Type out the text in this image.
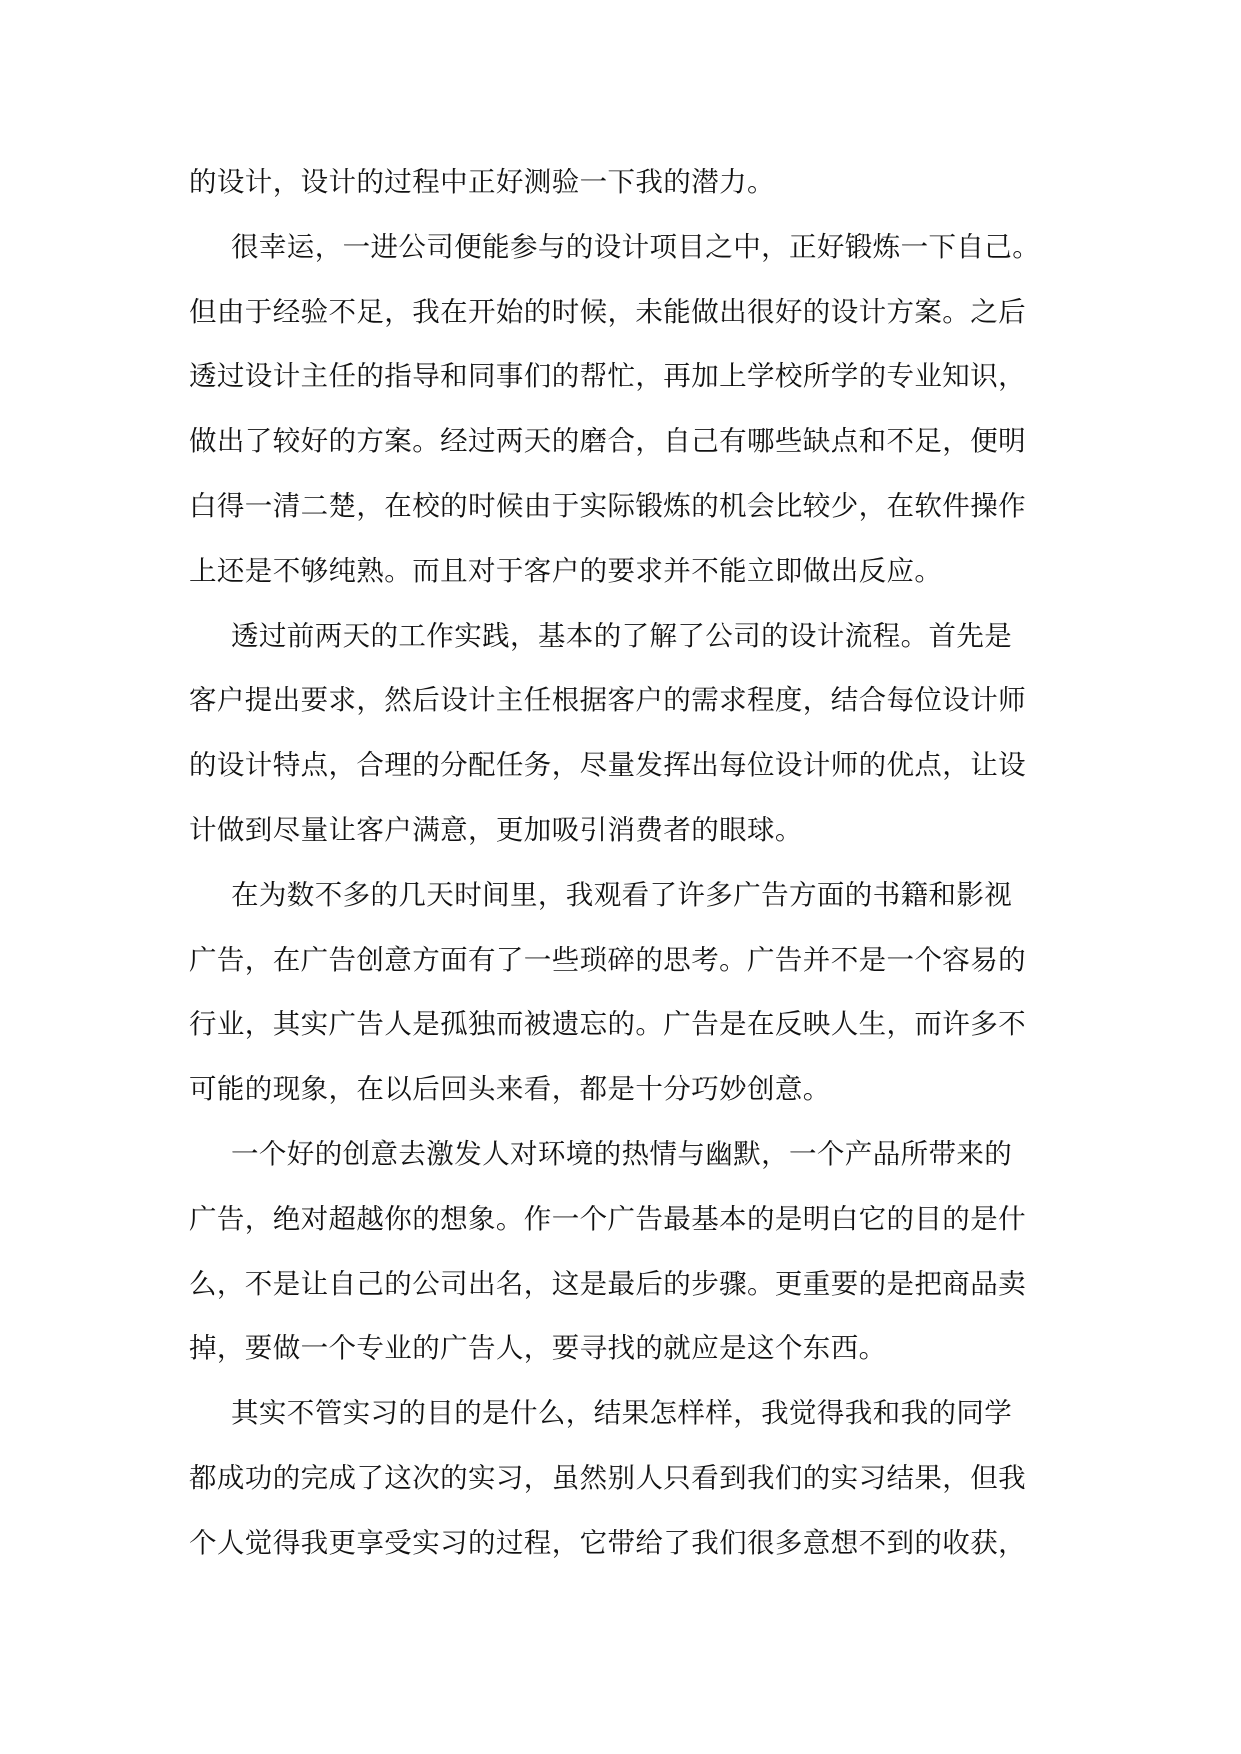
的设计，设计的过程中正好测验一下我的潜力。
很幸运，一进公司便能参与的设计项目之中，正好锻炼一下自己。
但由于经验不足，我在开始的时候，未能做出很好的设计方案。之后
透过设计主任的指导和同事们的帮忙，再加上学校所学的专业知识，
做出了较好的方案。经过两天的磨合，自己有哪些缺点和不足，便明
白得一清二楚，在校的时候由于实际锻炼的机会比较少，在软件操作
上还是不够纯熟。而且对于客户的要求并不能立即做出反应。
透过前两天的工作实践，基本的了解了公司的设计流程。首先是
客户提出要求，然后设计主任根据客户的需求程度，结合每位设计师
的设计特点，合理的分配任务，尽量发挥出每位设计师的优点，让设
计做到尽量让客户满意，更加吸引消费者的眼球。
在为数不多的几天时间里，我观看了许多广告方面的书籍和影视
广告，在广告创意方面有了一些琐碎的思考。广告并不是一个容易的
行业，其实广告人是孤独而被遗忘的。广告是在反映人生，而许多不
可能的现象，在以后回头来看，都是十分巧妙创意。
一个好的创意去激发人对环境的热情与幽默，一个产品所带来的
广告，绝对超越你的想象。作一个广告最基本的是明白它的目的是什
么，不是让自己的公司出名，这是最后的步骤。更重要的是把商品卖
掉，要做一个专业的广告人，要寻找的就应是这个东西。
其实不管实习的目的是什么，结果怎样样，我觉得我和我的同学
都成功的完成了这次的实习，虽然别人只看到我们的实习结果，但我
个人觉得我更享受实习的过程，它带给了我们很多意想不到的收获，
